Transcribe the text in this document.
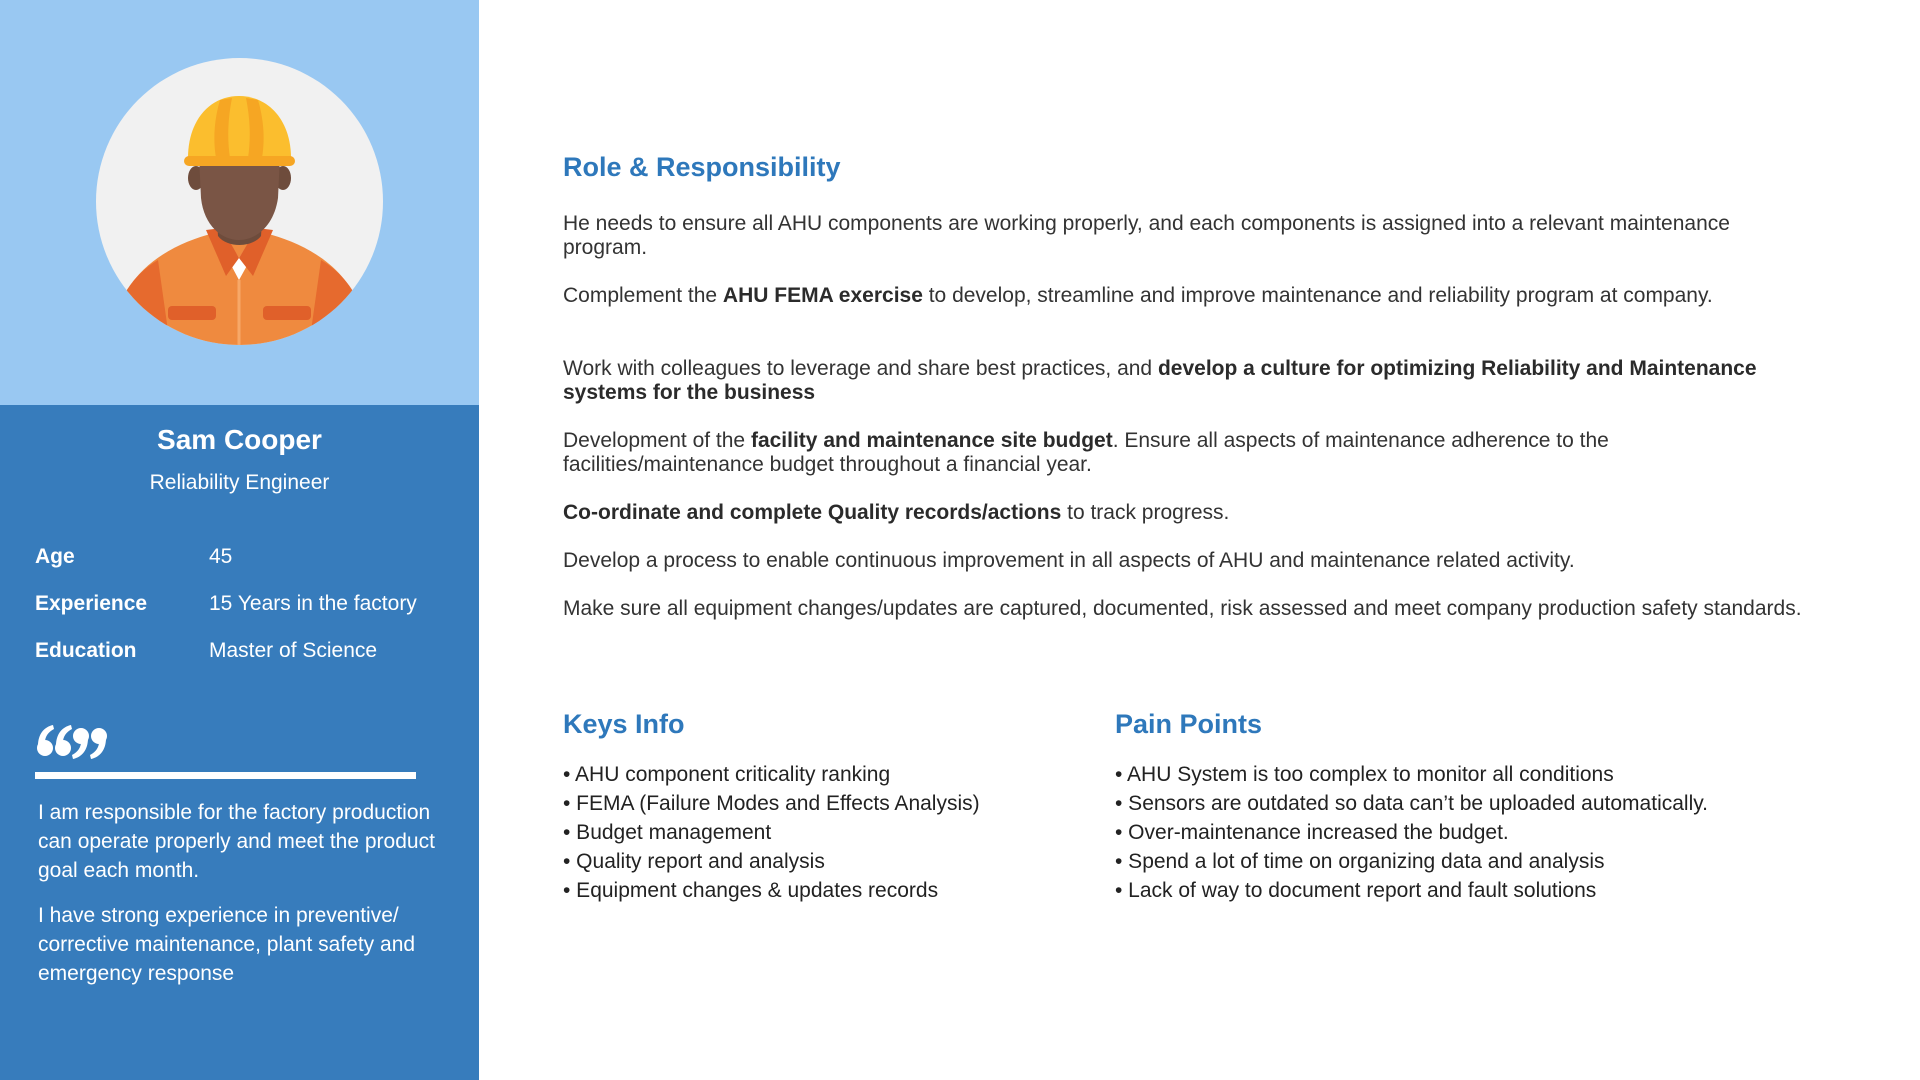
Sam Cooper
Reliability Engineer
Age	45
Experience	15 Years in the factory
Education	Master of Science

I am responsible for the factory production can operate properly and meet the product goal each month.

I have strong experience in preventive/ corrective maintenance, plant safety and emergency response

Role & Responsibility

He needs to ensure all AHU components are working properly, and each components is assigned into a relevant maintenance program.

Complement the AHU FEMA exercise to develop, streamline and improve maintenance and reliability program at company.

Work with colleagues to leverage and share best practices, and develop a culture for optimizing Reliability and Maintenance systems for the business

Development of the facility and maintenance site budget. Ensure all aspects of maintenance adherence to the facilities/maintenance budget throughout a financial year.

Co-ordinate and complete Quality records/actions to track progress.

Develop a process to enable continuous improvement in all aspects of AHU and maintenance related activity.

Make sure all equipment changes/updates are captured, documented, risk assessed and meet company production safety standards.

Keys Info
• AHU component criticality ranking
• FEMA (Failure Modes and Effects Analysis)
• Budget management
• Quality report and analysis
• Equipment changes & updates records
Pain Points
• AHU System is too complex to monitor all conditions
• Sensors are outdated so data can’t be uploaded automatically.
• Over-maintenance increased the budget.
• Spend a lot of time on organizing data and analysis
• Lack of way to document report and fault solutions
